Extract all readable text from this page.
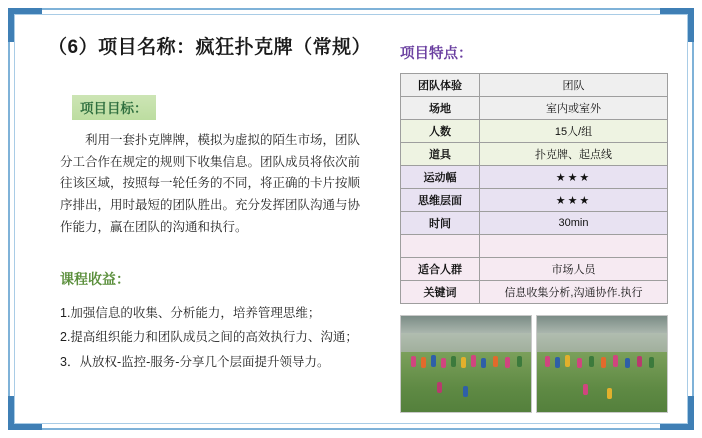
（6）项目名称：疯狂扑克牌（常规）
项目目标：
利用一套扑克牌牌，模拟为虚拟的陌生市场，团队分工合作在规定的规则下收集信息。团队成员将依次前往该区域，按照每一轮任务的不同，将正确的卡片按顺序排出，用时最短的团队胜出。充分发挥团队沟通与协作能力，赢在团队的沟通和执行。
课程收益：
1.加强信息的收集、分析能力，培养管理思维；
2.提高组织能力和团队成员之间的高效执行力、沟通；
3．从放权-监控-服务-分享几个层面提升领导力。
项目特点：
团队体验	团队
场地	室内或室外
人数	15人/组
道具	扑克牌、起点线
运动幅	★★★
思维层面	★★★
时间	30min

适合人群	市场人员
关键词	信息收集分析,沟通协作.执行
